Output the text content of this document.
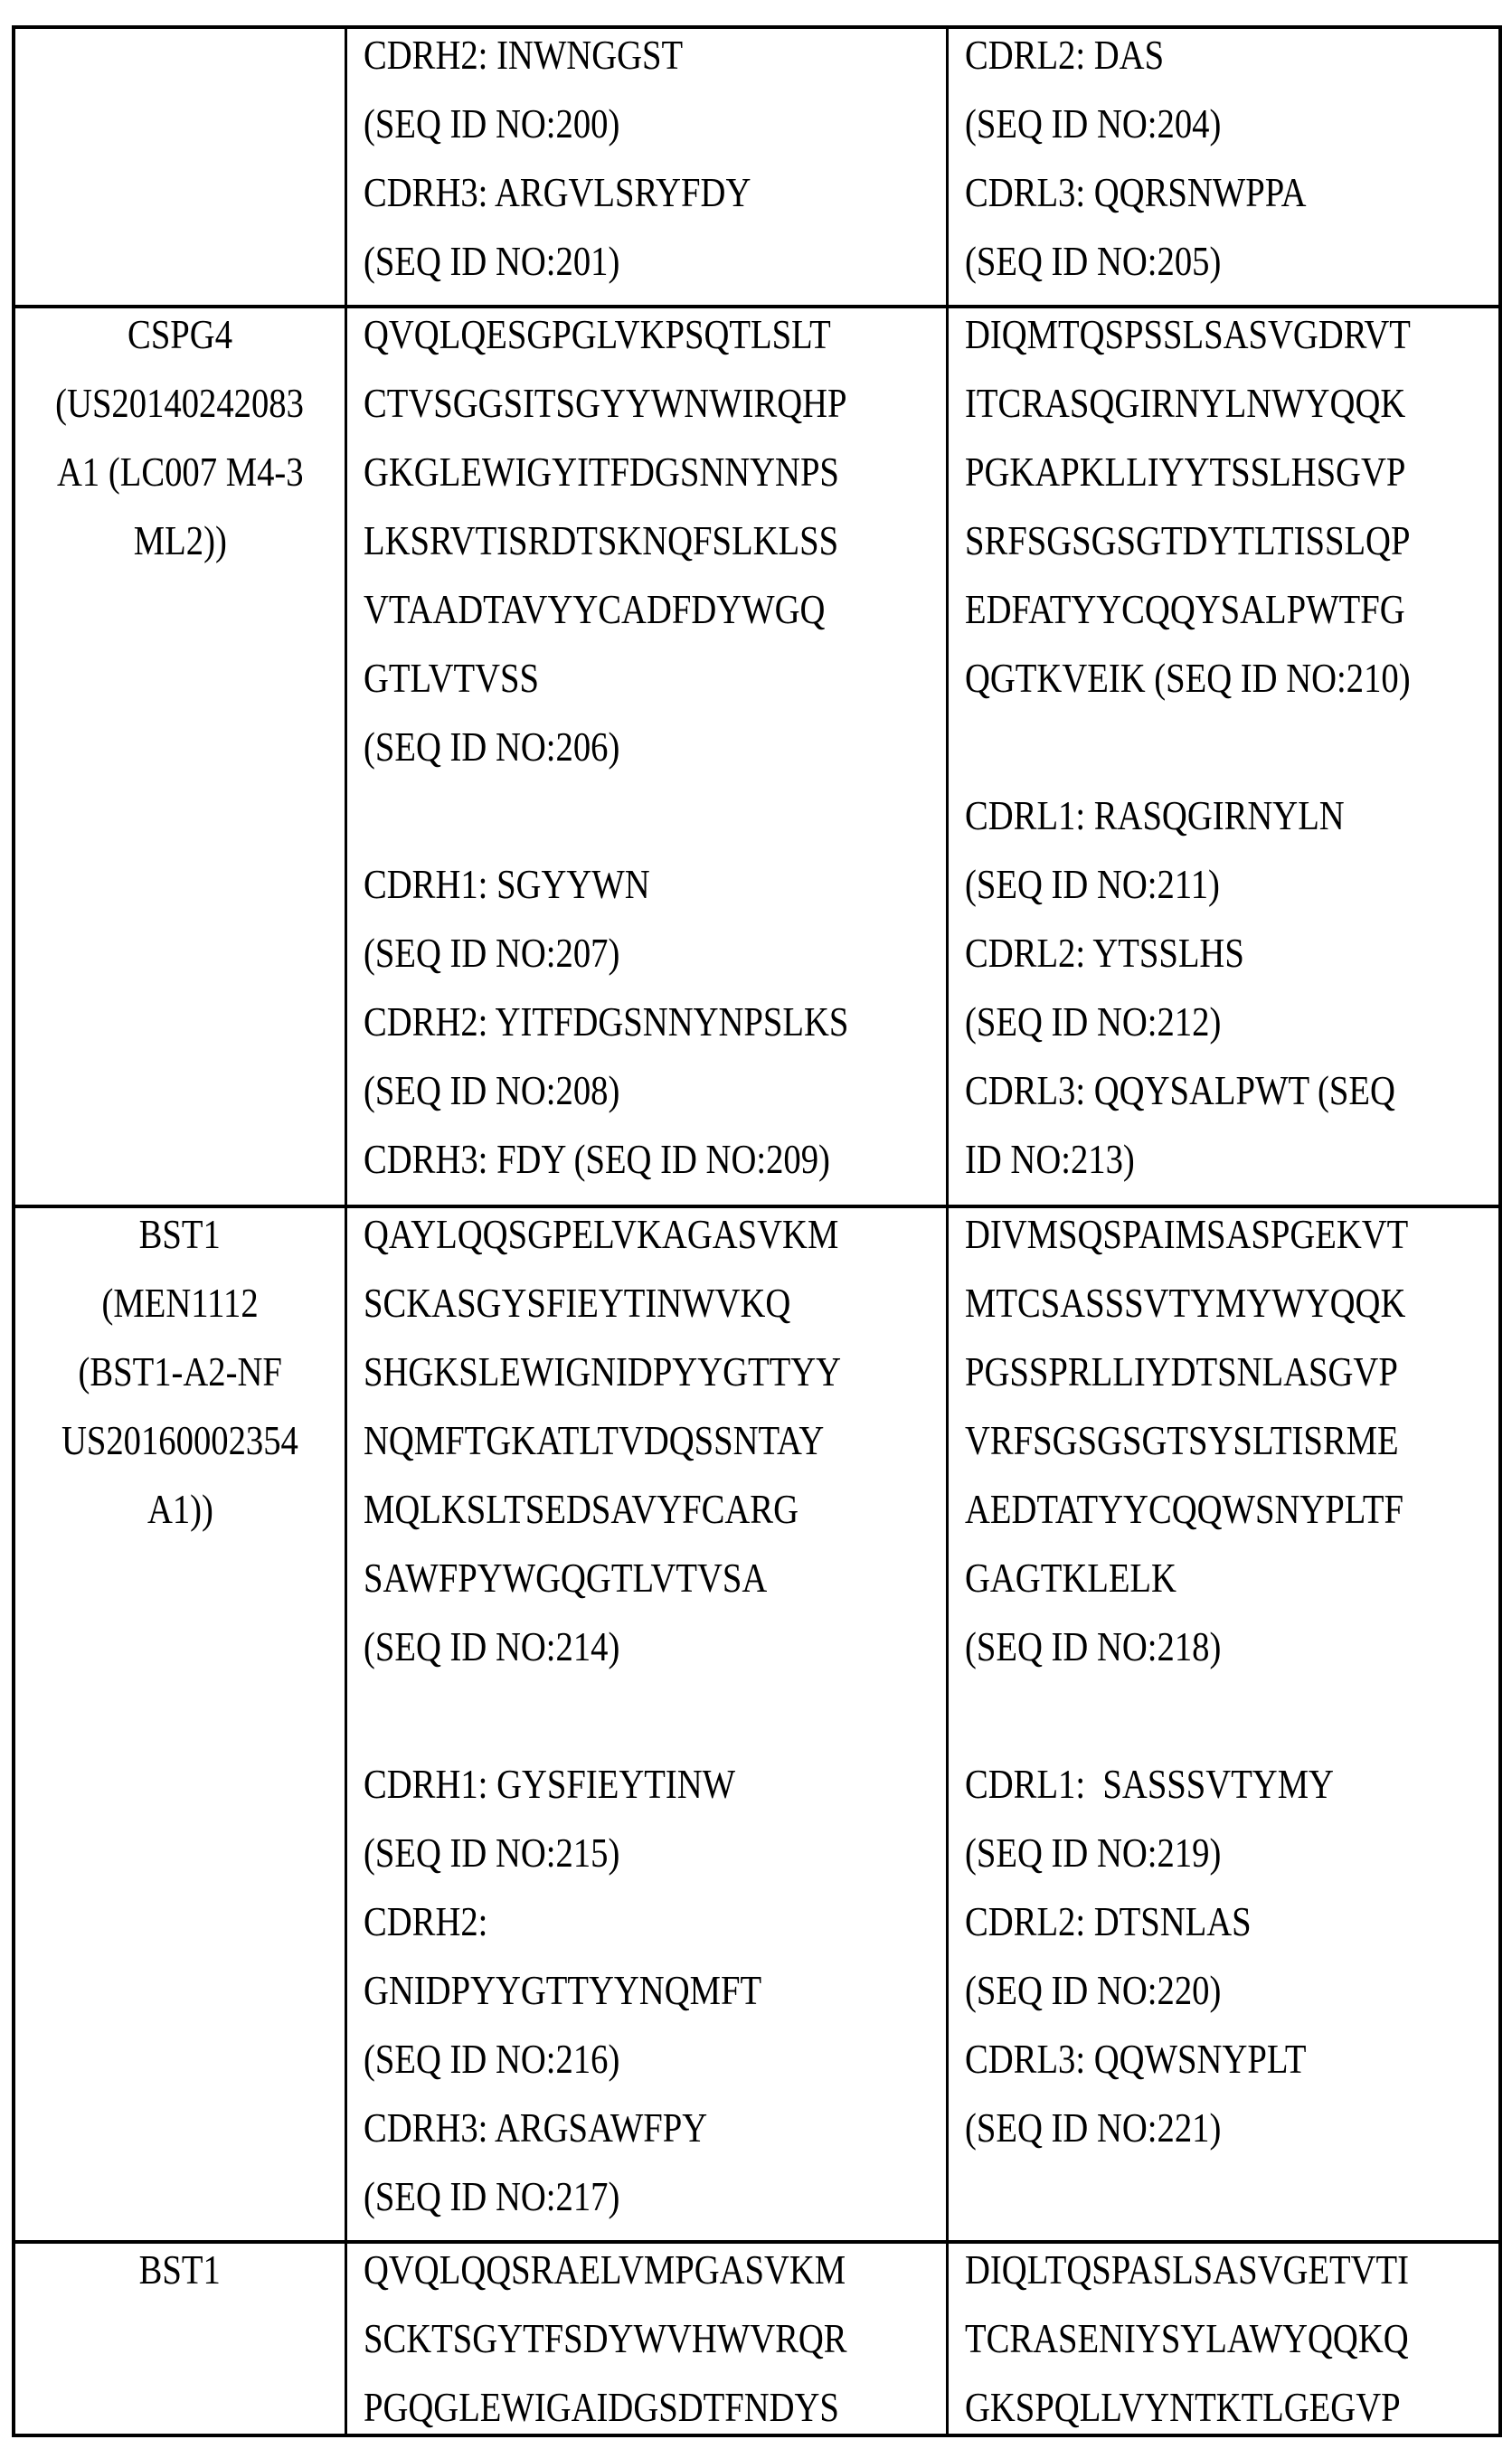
CDRH2: INWNGGST
(SEQ ID NO:200)
CDRH3: ARGVLSRYFDY
(SEQ ID NO:201)
CDRL2: DAS
(SEQ ID NO:204)
CDRL3: QQRSNWPPA
(SEQ ID NO:205)
CSPG4
(US20140242083
A1 (LC007 M4-3
ML2))
QVQLQESGPGLVKPSQTLSLT
CTVSGGSITSGYYWNWIRQHP
GKGLEWIGYITFDGSNNYNPS
LKSRVTISRDTSKNQFSLKLSS
VTAADTAVYYCADFDYWGQ
GTLVTVSS
(SEQ ID NO:206)
CDRH1: SGYYWN
(SEQ ID NO:207)
CDRH2: YITFDGSNNYNPSLKS
(SEQ ID NO:208)
CDRH3: FDY (SEQ ID NO:209)
DIQMTQSPSSLSASVGDRVT
ITCRASQGIRNYLNWYQQK
PGKAPKLLIYYTSSLHSGVP
SRFSGSGSGTDYTLTISSLQP
EDFATYYCQQYSALPWTFG
QGTKVEIK (SEQ ID NO:210)
CDRL1: RASQGIRNYLN
(SEQ ID NO:211)
CDRL2: YTSSLHS
(SEQ ID NO:212)
CDRL3: QQYSALPWT (SEQ
ID NO:213)
BST1
(MEN1112
(BST1-A2-NF
US20160002354
A1))
QAYLQQSGPELVKAGASVKM
SCKASGYSFIEYTINWVKQ
SHGKSLEWIGNIDPYYGTTYY
NQMFTGKATLTVDQSSNTAY
MQLKSLTSEDSAVYFCARG
SAWFPYWGQGTLVTVSA
(SEQ ID NO:214)
CDRH1: GYSFIEYTINW
(SEQ ID NO:215)
CDRH2:
GNIDPYYGTTYYNQMFT
(SEQ ID NO:216)
CDRH3: ARGSAWFPY
(SEQ ID NO:217)
DIVMSQSPAIMSASPGEKVT
MTCSASSSVTYMYWYQQK
PGSSPRLLIYDTSNLASGVP
VRFSGSGSGTSYSLTISRME
AEDTATYYCQQWSNYPLTF
GAGTKLELK
(SEQ ID NO:218)
CDRL1:  SASSSVTYMY
(SEQ ID NO:219)
CDRL2: DTSNLAS
(SEQ ID NO:220)
CDRL3: QQWSNYPLT
(SEQ ID NO:221)
BST1	QVQLQQSRAELVMPGASVKM
SCKTSGYTFSDYWVHWVRQR
PGQGLEWIGAIDGSDTFNDYS
DIQLTQSPASLSASVGETVTI
TCRASENIYSYLAWYQQKQ
GKSPQLLVYNTKTLGEGVP
